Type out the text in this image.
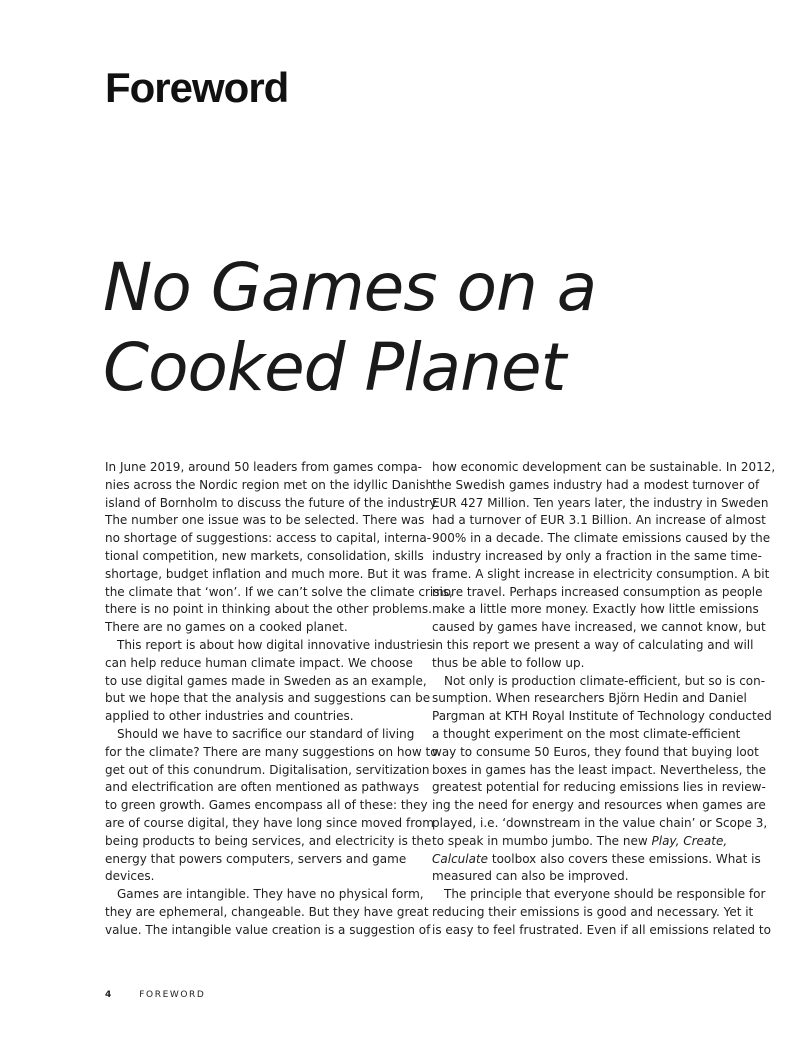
Foreword
No Games on a
Cooked Planet
In June 2019, around 50 leaders from games compa-
nies across the Nordic region met on the idyllic Danish
island of Bornholm to discuss the future of the industry.
The number one issue was to be selected. There was
no shortage of suggestions: access to capital, interna-
tional competition, new markets, consolidation, skills
shortage, budget inflation and much more. But it was
the climate that ‘won’. If we can’t solve the climate crisis,
there is no point in thinking about the other problems.
There are no games on a cooked planet.
This report is about how digital innovative industries
can help reduce human climate impact. We choose
to use digital games made in Sweden as an example,
but we hope that the analysis and suggestions can be
applied to other industries and countries.
Should we have to sacrifice our standard of living
for the climate? There are many suggestions on how to
get out of this conundrum. Digitalisation, servitization
and electrification are often mentioned as pathways
to green growth. Games encompass all of these: they
are of course digital, they have long since moved from
being products to being services, and electricity is the
energy that powers computers, servers and game
devices.
Games are intangible. They have no physical form,
they are ephemeral, changeable. But they have great
value. The intangible value creation is a suggestion of
how economic development can be sustainable. In 2012,
the Swedish games industry had a modest turnover of
EUR 427 Million. Ten years later, the industry in Sweden
had a turnover of EUR 3.1 Billion. An increase of almost
900% in a decade. The climate emissions caused by the
industry increased by only a fraction in the same time-
frame. A slight increase in electricity consumption. A bit
more travel. Perhaps increased consumption as people
make a little more money. Exactly how little emissions
caused by games have increased, we cannot know, but
in this report we present a way of calculating and will
thus be able to follow up.
Not only is production climate-efficient, but so is con-
sumption. When researchers Björn Hedin and Daniel
Pargman at KTH Royal Institute of Technology conducted
a thought experiment on the most climate-efficient
way to consume 50 Euros, they found that buying loot
boxes in games has the least impact. Nevertheless, the
greatest potential for reducing emissions lies in review-
ing the need for energy and resources when games are
played, i.e. ‘downstream in the value chain’ or Scope 3,
to speak in mumbo jumbo. The new Play, Create,
Calculate toolbox also covers these emissions. What is
measured can also be improved.
The principle that everyone should be responsible for
reducing their emissions is good and necessary. Yet it
is easy to feel frustrated. Even if all emissions related to
4	FOREWORD
